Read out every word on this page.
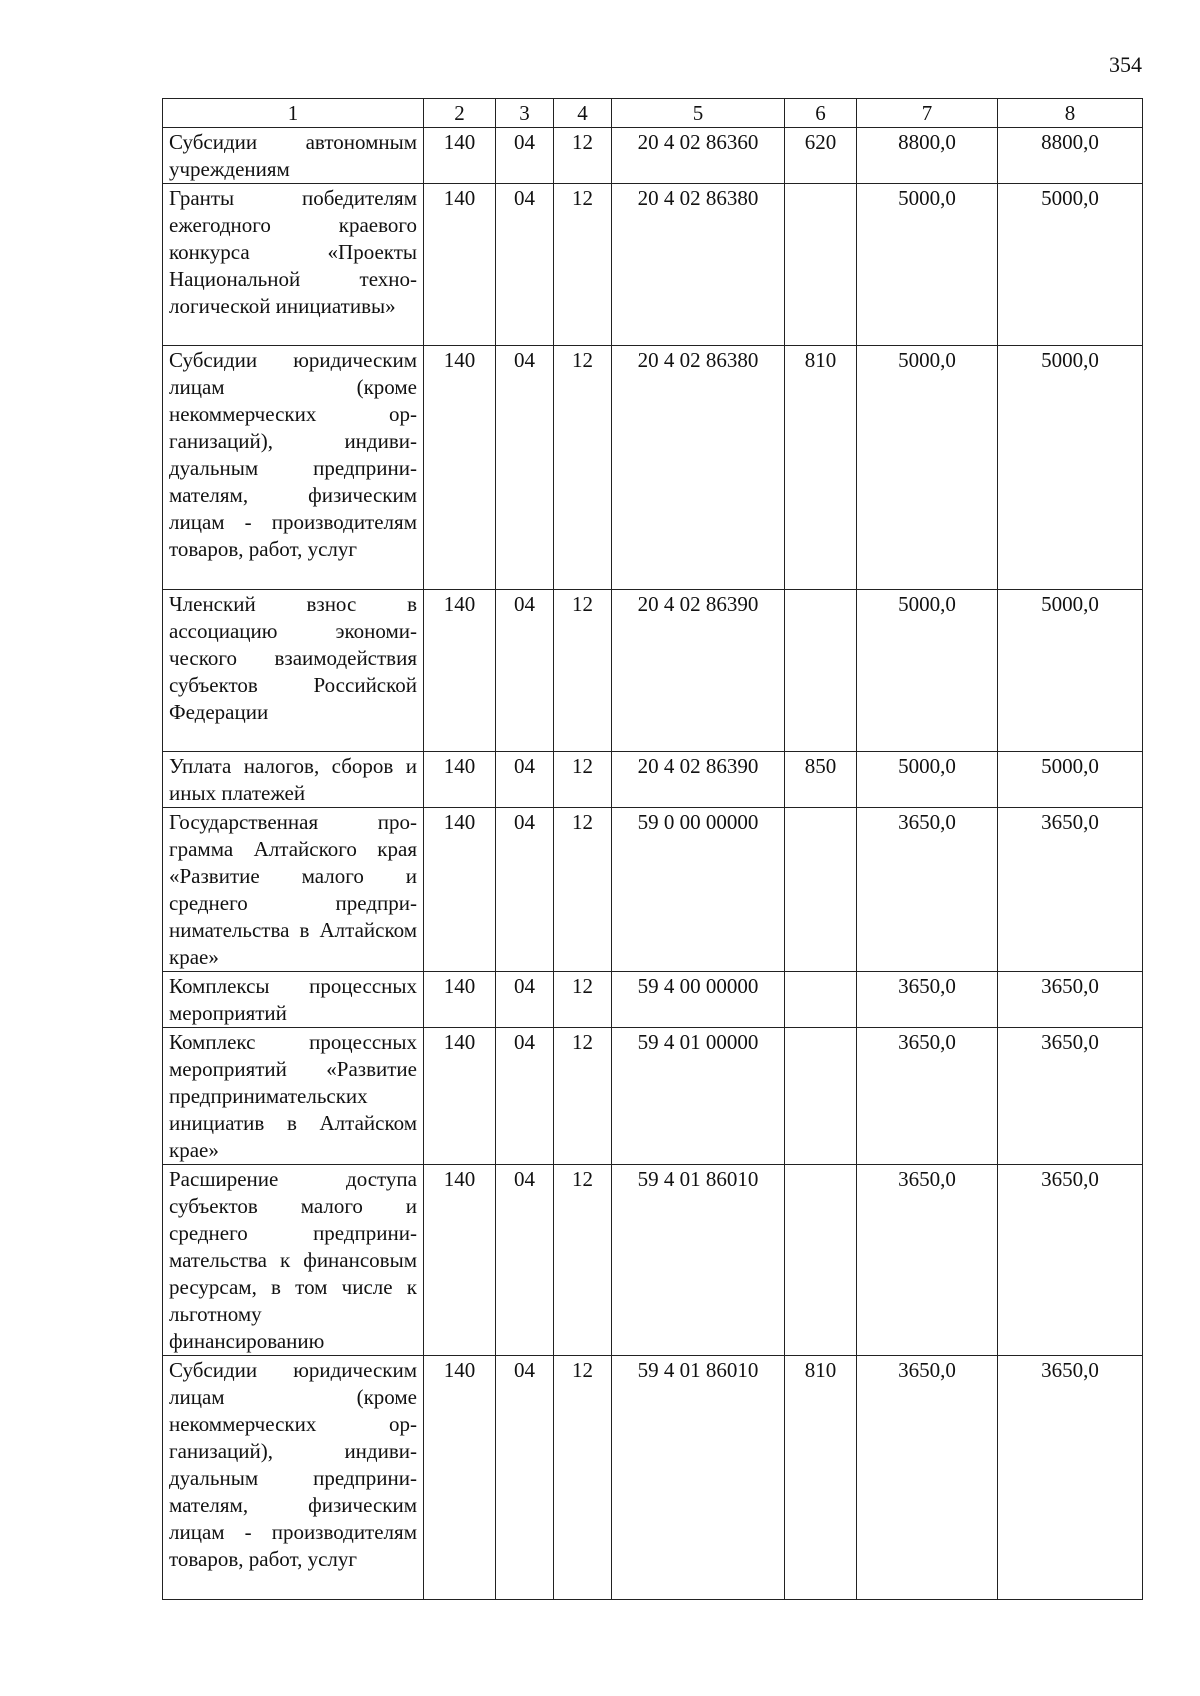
354
1	2	3	4	5	6	7	8
Субсидии автономным учреждениям	140	04	12	20 4 02 86360	620	8800,0	8800,0
Гранты победителям ежегодного краевого конкурса «Проекты Национальной технологической инициативы»	140	04	12	20 4 02 86380		5000,0	5000,0
Субсидии юридическим лицам (кроме некоммерческих организаций), индивидуальным предпринимателям, физическим лицам - производителям товаров, работ, услуг	140	04	12	20 4 02 86380	810	5000,0	5000,0
Членский взнос в ассоциацию экономического взаимодействия субъектов Российской Федерации	140	04	12	20 4 02 86390		5000,0	5000,0
Уплата налогов, сборов и иных платежей	140	04	12	20 4 02 86390	850	5000,0	5000,0
Государственная программа Алтайского края «Развитие малого и среднего предпринимательства в Алтайском крае»	140	04	12	59 0 00 00000		3650,0	3650,0
Комплексы процессных мероприятий	140	04	12	59 4 00 00000		3650,0	3650,0
Комплекс процессных мероприятий «Развитие предпринимательских инициатив в Алтайском крае»	140	04	12	59 4 01 00000		3650,0	3650,0
Расширение доступа субъектов малого и среднего предпринимательства к финансовым ресурсам, в том числе к льготному финансированию	140	04	12	59 4 01 86010		3650,0	3650,0
Субсидии юридическим лицам (кроме некоммерческих организаций), индивидуальным предпринимателям, физическим лицам - производителям товаров, работ, услуг	140	04	12	59 4 01 86010	810	3650,0	3650,0
